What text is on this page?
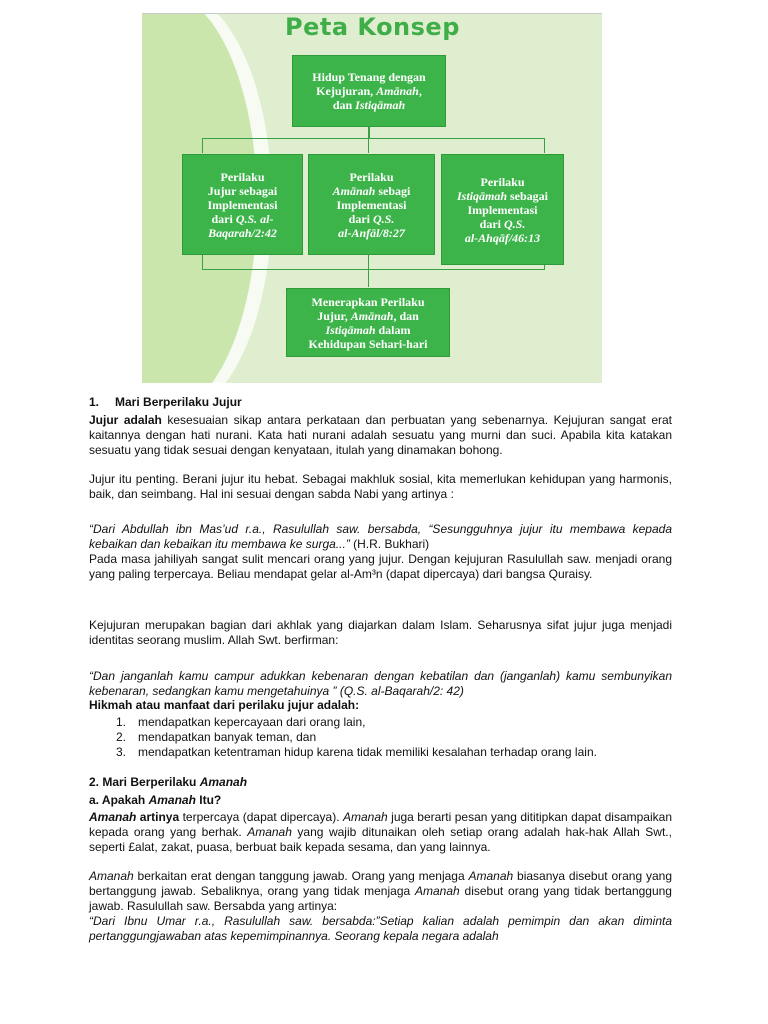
Peta Konsep
Hidup Tenang dengan
Kejujuran, Amānah,
dan Istiqāmah
Perilaku
Jujur sebagai
Implementasi
dari Q.S. al-
Baqarah/2:42
Perilaku
Amānah sebagi
Implementasi
dari Q.S.
al-Anfāl/8:27
Perilaku
Istiqāmah sebagai
Implementasi
dari Q.S.
al-Ahqāf/46:13
Menerapkan Perilaku
Jujur, Amānah, dan
Istiqāmah dalam
Kehidupan Sehari-hari
1. Mari Berperilaku Jujur
Jujur adalah kesesuaian sikap antara perkataan dan perbuatan yang sebenarnya. Kejujuran sangat erat kaitannya dengan hati nurani. Kata hati nurani adalah sesuatu yang murni dan suci. Apabila kita katakan sesuatu yang tidak sesuai dengan kenyataan, itulah yang dinamakan bohong.
Jujur itu penting. Berani jujur itu hebat. Sebagai makhluk sosial, kita memerlukan kehidupan yang harmonis, baik, dan seimbang. Hal ini sesuai dengan sabda Nabi yang artinya :
“Dari Abdullah ibn Mas’ud r.a., Rasulullah saw. bersabda, “Sesungguhnya jujur itu membawa kepada kebaikan dan kebaikan itu membawa ke surga...” (H.R. Bukhari)
Pada masa jahiliyah sangat sulit mencari orang yang jujur. Dengan kejujuran Rasulullah saw. menjadi orang yang paling terpercaya. Beliau mendapat gelar al-Am³n (dapat dipercaya) dari bangsa Quraisy.
Kejujuran merupakan bagian dari akhlak yang diajarkan dalam Islam. Seharusnya sifat jujur juga menjadi identitas seorang muslim. Allah Swt. berfirman:
“Dan janganlah kamu campur adukkan kebenaran dengan kebatilan dan (janganlah) kamu sembunyikan kebenaran, sedangkan kamu mengetahuinya ” (Q.S. al-Baqarah/2: 42)
Hikmah atau manfaat dari perilaku jujur adalah:
1. mendapatkan kepercayaan dari orang lain,
2. mendapatkan banyak teman, dan
3. mendapatkan ketentraman hidup karena tidak memiliki kesalahan terhadap orang lain.
2. Mari Berperilaku Amanah
a. Apakah Amanah Itu?
Amanah artinya terpercaya (dapat dipercaya). Amanah juga berarti pesan yang dititipkan dapat disampaikan kepada orang yang berhak. Amanah yang wajib ditunaikan oleh setiap orang adalah hak-hak Allah Swt., seperti £alat, zakat, puasa, berbuat baik kepada sesama, dan yang lainnya.
Amanah berkaitan erat dengan tanggung jawab. Orang yang menjaga Amanah biasanya disebut orang yang bertanggung jawab. Sebaliknya, orang yang tidak menjaga Amanah disebut orang yang tidak bertanggung jawab. Rasulullah saw. Bersabda yang artinya:
“Dari Ibnu Umar r.a., Rasulullah saw. bersabda:”Setiap kalian adalah pemimpin dan akan diminta pertanggungjawaban atas kepemimpinannya. Seorang kepala negara adalah
